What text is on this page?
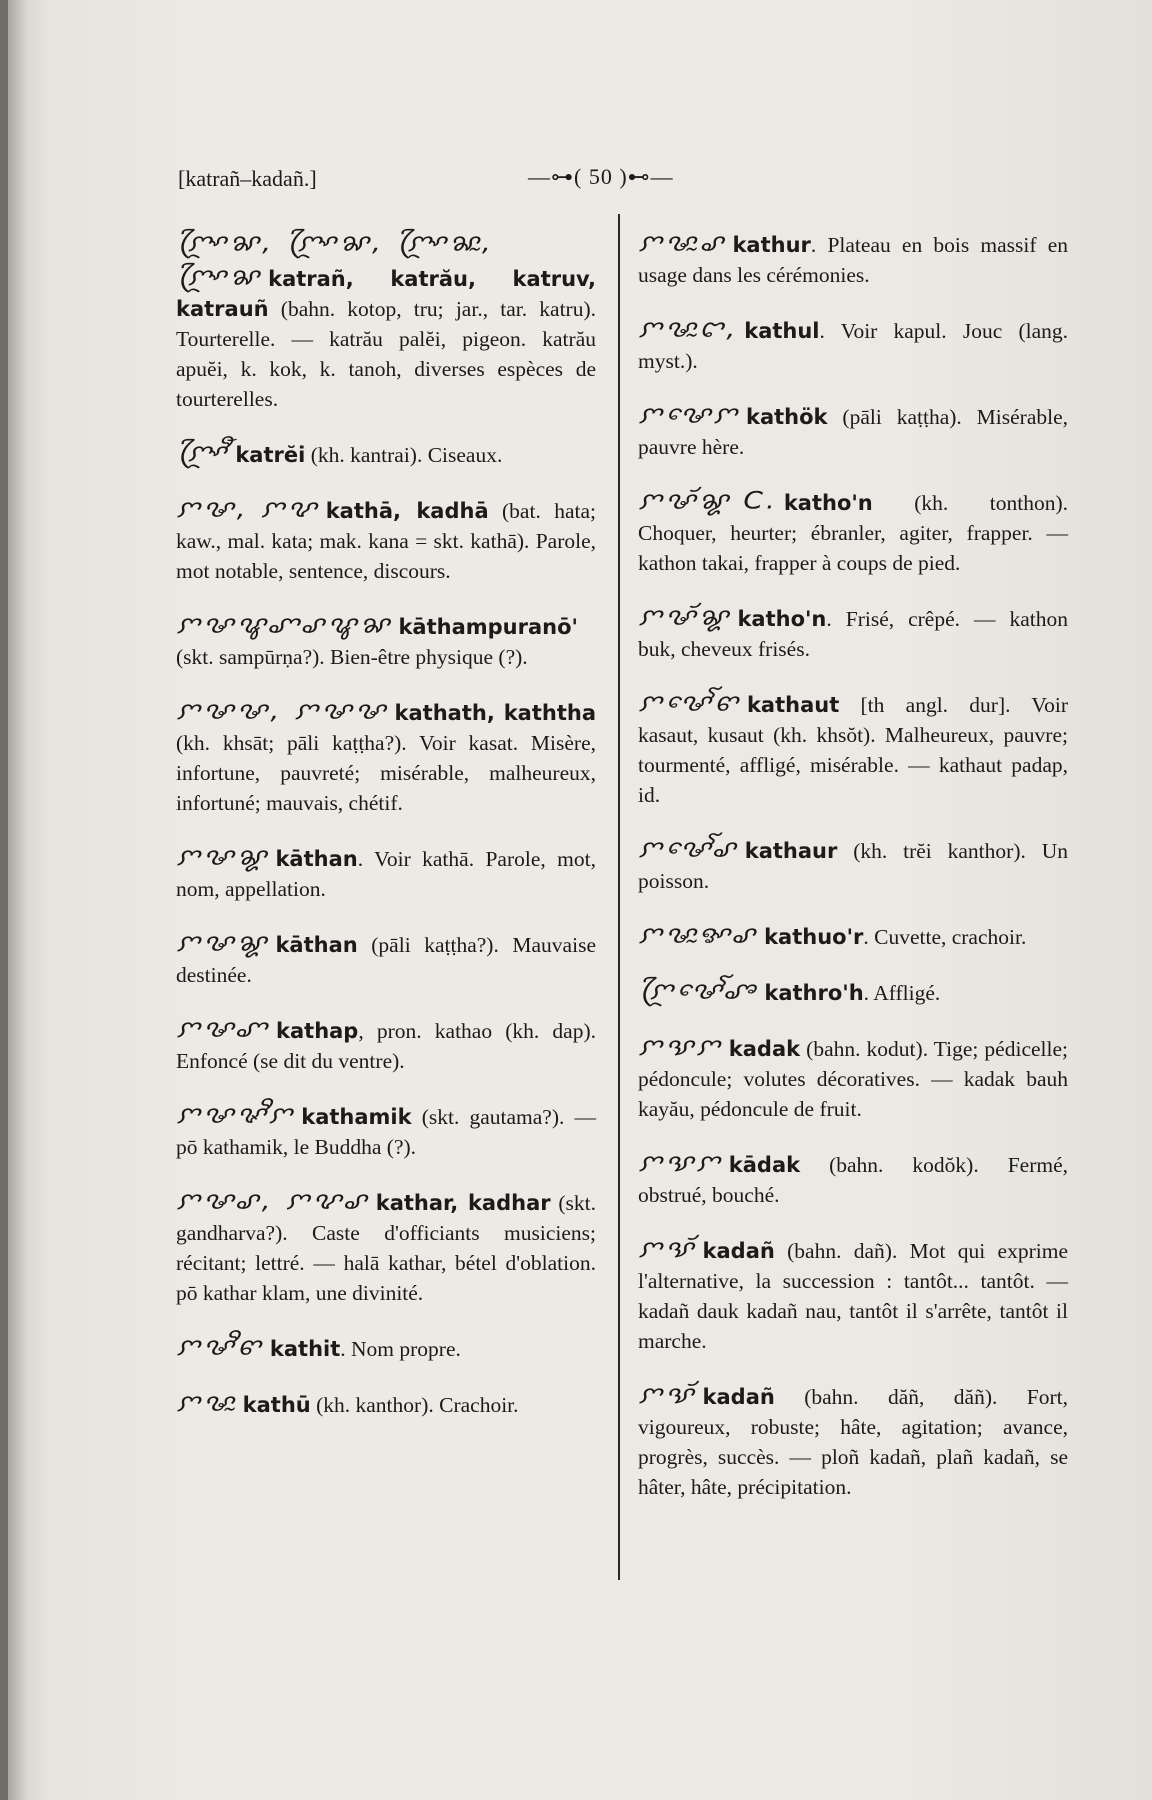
[katrañ–kadañ.]	—⊶( 50 )⊷—
ꨆꨴꨳꨗ, ꨆꨴꨳꨗ, ꨆꨴꨳꨗꨭ,
ꨆꨴꨳꨗ katrañ, katrău, katruv, katrauñ (bahn. kotop, tru; jar., tar. katru). Tourterelle. — katrău palĕi, pigeon. katrău apuĕi, k. kok, k. tanoh, diverses espèces de tourterelles.
ꨆꨴꨳꨬ katrĕi (kh. kantrai). Ciseaux.
ꨆꨔ, ꨆꨖ kathā, kadhā (bat. hata; kaw., mal. kata; mak. kana = skt. kathā). Parole, mot notable, sentence, discours.
ꨆꨔꨥꨚꨣꨥꨗ kāthampuranō' (skt. sampūrṇa?). Bien-être physique (?).
ꨆꨔꨔ, ꨆꨔꨔ kathath, kaththa (kh. khsāt; pāli kaṭṭha?). Voir kasat. Misère, infortune, pauvreté; misérable, malheureux, infortuné; mauvais, chétif.
ꨆꨔꨘ kāthan. Voir kathā. Parole, mot, nom, appellation.
ꨆꨔꨘ kāthan (pāli kaṭṭha?). Mauvaise destinée.
ꨆꨔꨚ kathap, pron. kathao (kh. dap). Enfoncé (se dit du ventre).
ꨆꨔꨟꨪꨆ kathamik (skt. gautama?). — pō kathamik, le Buddha (?).
ꨆꨔꨣ, ꨆꨖꨣ kathar, kadhar (skt. gandharva?). Caste d'officiants musiciens; récitant; lettré. — halā kathar, bétel d'oblation. pō kathar klam, une divinité.
ꨆꨔꨪꨓ kathit. Nom propre.
ꨆꨔꨭ kathū (kh. kanthor). Crachoir.
ꨆꨔꨭꨣ kathur. Plateau en bois massif en usage dans les cérémonies.
ꨆꨔꨭꨤ, kathul. Voir kapul. Jouc (lang. myst.).
ꨆꨔꨯꨆ kathök (pāli kaṭṭha). Misérable, pauvre hère.
ꨆꨔꨮꨘ C. katho'n (kh. tonthon). Choquer, heurter; ébranler, agiter, frapper. — kathon takai, frapper à coups de pied.
ꨆꨔꨮꨘ katho'n. Frisé, crêpé. — kathon buk, cheveux frisés.
ꨆꨔꨯꨱꨓ kathaut [th angl. dur]. Voir kasaut, kusaut (kh. khsŏt). Malheureux, pauvre; tourmenté, affligé, misérable. — kathaut padap, id.
ꨆꨔꨯꨱꨣ kathaur (kh. trĕi kanthor). Un poisson.
ꨆꨔꨭꨀꨣ kathuo'r. Cuvette, crachoir.
ꨆꨴꨔꨯꨱꨨ kathro'h. Affligé.
ꨆꨕꨆ kadak (bahn. kodut). Tige; pédicelle; pédoncule; volutes décoratives. — kadak bauh kayău, pédoncule de fruit.
ꨆꨕꨆ kādak (bahn. kodŏk). Fermé, obstrué, bouché.
ꨆꨕꨮ kadañ (bahn. dañ). Mot qui exprime l'alternative, la succession : tantôt... tantôt. — kadañ dauk kadañ nau, tantôt il s'arrête, tantôt il marche.
ꨆꨕꨮ kadañ (bahn. dăñ, dăñ). Fort, vigoureux, robuste; hâte, agitation; avance, progrès, succès. — ploñ kadañ, plañ kadañ, se hâter, hâte, précipitation.
